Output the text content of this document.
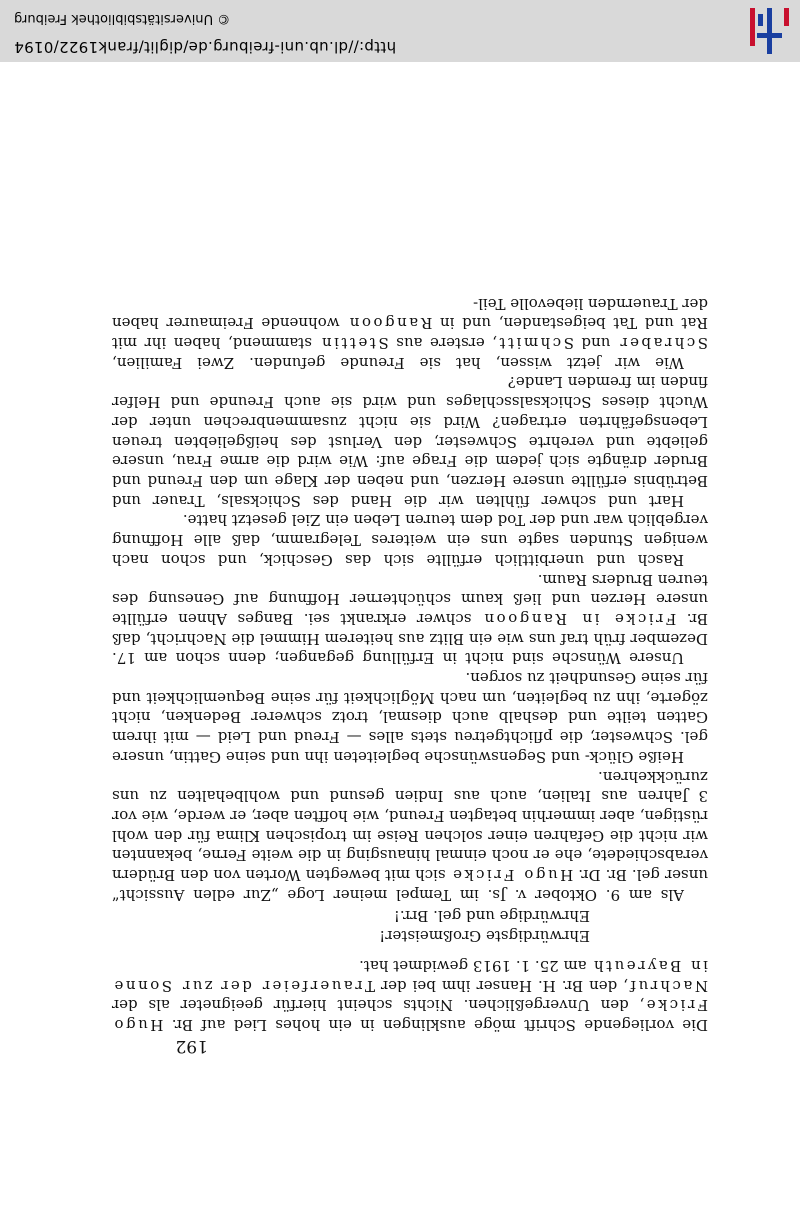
192

Die vorliegende Schrift möge ausklingen in ein hohes Lied auf Br. Hugo Fricke, den Unvergeßlichen. Nichts scheint hierfür geeigneter als der Nachruf, den Br. H. Hanser ihm bei der Trauerfeier der zur Sonne in Bayreuth am 25. 1. 1913 gewidmet hat.

Ehrwürdigste Großmeister!

Ehrwürdige und gel. Brr.!

Als am 9. Oktober v. Js. im Tempel meiner Loge „Zur edlen Aussicht“ unser gel. Br. Dr. Hugo Fricke sich mit bewegten Worten von den Brüdern verabschiedete, ehe er noch einmal hinausging in die weite Ferne, bekannten wir nicht die Gefahren einer solchen Reise im tropischen Klima für den wohl rüstigen, aber immerhin betagten Freund, wie hofften aber, er werde, wie vor 3 Jahren aus Italien, auch aus Indien gesund und wohlbehalten zu uns zurückkehren.

Heiße Glück- und Segenswünsche begleiteten ihn und seine Gattin, unsere gel. Schwester, die pflichtgetreu stets alles — Freud und Leid — mit ihrem Gatten teilte und deshalb auch diesmal, trotz schwerer Bedenken, nicht zögerte, ihn zu begleiten, um nach Möglichkeit für seine Bequemlichkeit und für seine Gesundheit zu sorgen.

Unsere Wünsche sind nicht in Erfüllung gegangen; denn schon am 17. Dezember früh traf uns wie ein Blitz aus heiterem Himmel die Nachricht, daß Br. Fricke in Rangoon schwer erkrankt sei. Banges Ahnen erfüllte unsere Herzen und ließ kaum schüchterner Hoffnung auf Genesung des teuren Bruders Raum.

Rasch und unerbittlich erfüllte sich das Geschick, und schon nach wenigen Stunden sagte uns ein weiteres Telegramm, daß alle Hoffnung vergeblich war und der Tod dem teuren Leben ein Ziel gesetzt hatte.

Hart und schwer fühlten wir die Hand des Schicksals, Trauer und Betrübnis erfüllte unsere Herzen, und neben der Klage um den Freund und Bruder drängte sich jedem die Frage auf: Wie wird die arme Frau, unsere geliebte und verehrte Schwester, den Verlust des heißgeliebten treuen Lebensgefährten ertragen? Wird sie nicht zusammenbrechen unter der Wucht dieses Schicksalsschlages und wird sie auch Freunde und Helfer finden im fremden Lande?

Wie wir jetzt wissen, hat sie Freunde gefunden. Zwei Familien, Schraber und Schmitt, erstere aus Stettin stammend, haben ihr mit Rat und Tat beigestanden, und in Rangoon wohnende Freimaurer haben der Trauernden liebevolle Teil-

http://dl.ub.uni-freiburg.de/diglit/frank1922/0194
© Universitätsbibliothek Freiburg
